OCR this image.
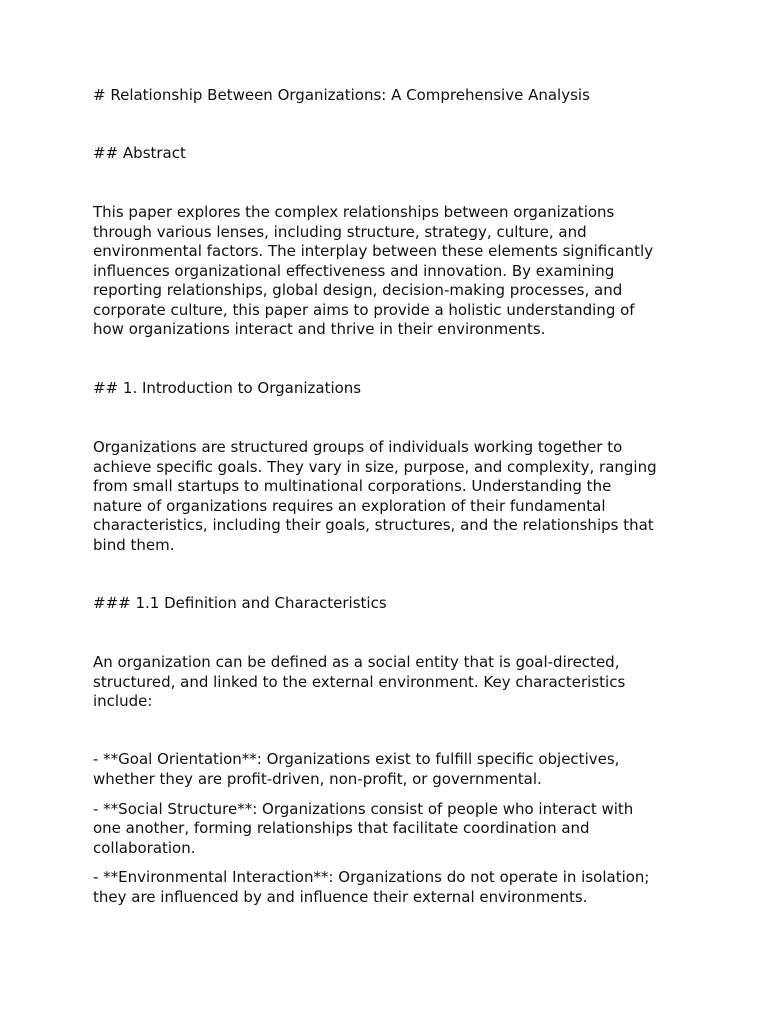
# Relationship Between Organizations: A Comprehensive Analysis

## Abstract

This paper explores the complex relationships between organizations

through various lenses, including structure, strategy, culture, and

environmental factors. The interplay between these elements significantly

influences organizational effectiveness and innovation. By examining

reporting relationships, global design, decision-making processes, and

corporate culture, this paper aims to provide a holistic understanding of

how organizations interact and thrive in their environments.

## 1. Introduction to Organizations

Organizations are structured groups of individuals working together to

achieve specific goals. They vary in size, purpose, and complexity, ranging

from small startups to multinational corporations. Understanding the

nature of organizations requires an exploration of their fundamental

characteristics, including their goals, structures, and the relationships that

bind them.

### 1.1 Definition and Characteristics

An organization can be defined as a social entity that is goal-directed,

structured, and linked to the external environment. Key characteristics

include:

- **Goal Orientation**: Organizations exist to fulfill specific objectives,

whether they are profit-driven, non-profit, or governmental.

- **Social Structure**: Organizations consist of people who interact with

one another, forming relationships that facilitate coordination and

collaboration.

- **Environmental Interaction**: Organizations do not operate in isolation;

they are influenced by and influence their external environments.
